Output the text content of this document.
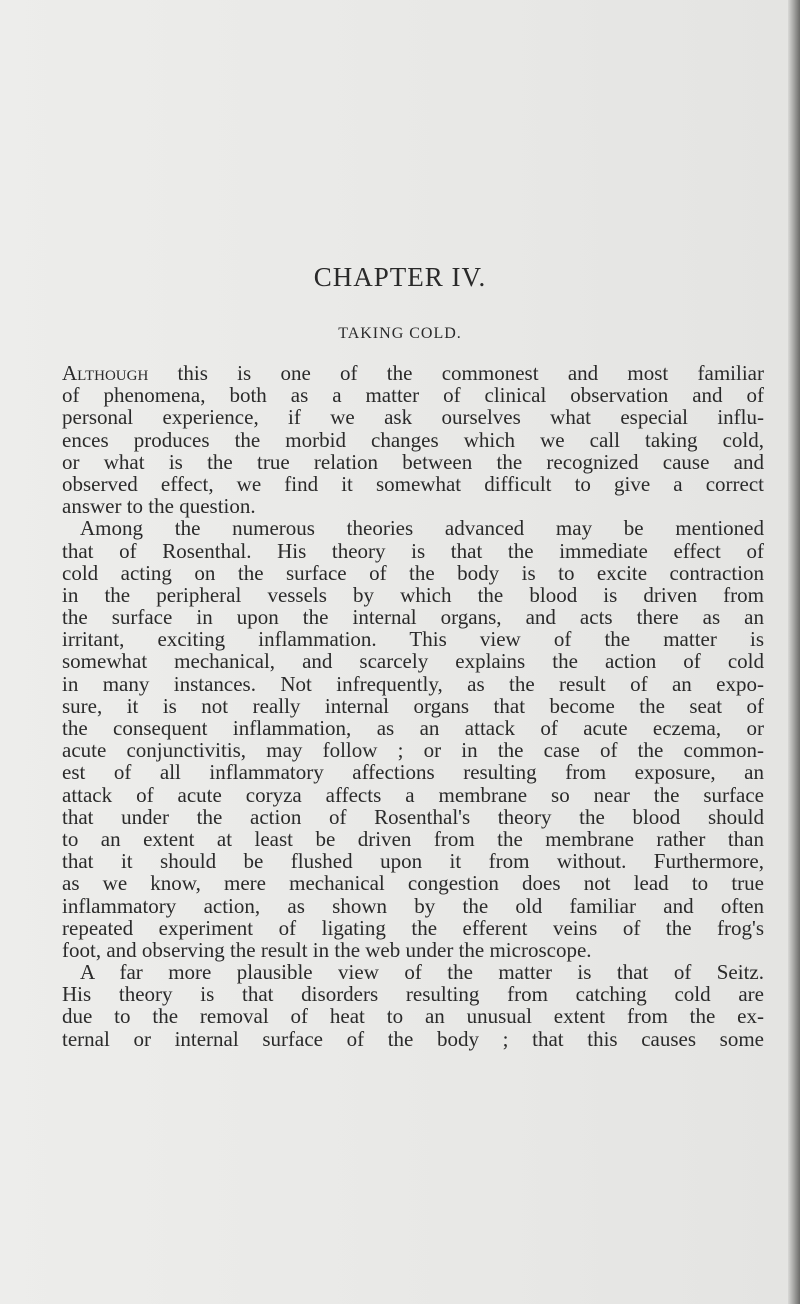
CHAPTER IV.
TAKING COLD.
Although this is one of the commonest and most familiar
of phenomena, both as a matter of clinical observation and of
personal experience, if we ask ourselves what especial influ-
ences produces the morbid changes which we call taking cold,
or what is the true relation between the recognized cause and
observed effect, we find it somewhat difficult to give a correct
answer to the question.
Among the numerous theories advanced may be mentioned
that of Rosenthal. His theory is that the immediate effect of
cold acting on the surface of the body is to excite contraction
in the peripheral vessels by which the blood is driven from
the surface in upon the internal organs, and acts there as an
irritant, exciting inflammation. This view of the matter is
somewhat mechanical, and scarcely explains the action of cold
in many instances. Not infrequently, as the result of an expo-
sure, it is not really internal organs that become the seat of
the consequent inflammation, as an attack of acute eczema, or
acute conjunctivitis, may follow ; or in the case of the common-
est of all inflammatory affections resulting from exposure, an
attack of acute coryza affects a membrane so near the surface
that under the action of Rosenthal's theory the blood should
to an extent at least be driven from the membrane rather than
that it should be flushed upon it from without. Furthermore,
as we know, mere mechanical congestion does not lead to true
inflammatory action, as shown by the old familiar and often
repeated experiment of ligating the efferent veins of the frog's
foot, and observing the result in the web under the microscope.
A far more plausible view of the matter is that of Seitz.
His theory is that disorders resulting from catching cold are
due to the removal of heat to an unusual extent from the ex-
ternal or internal surface of the body ; that this causes some
